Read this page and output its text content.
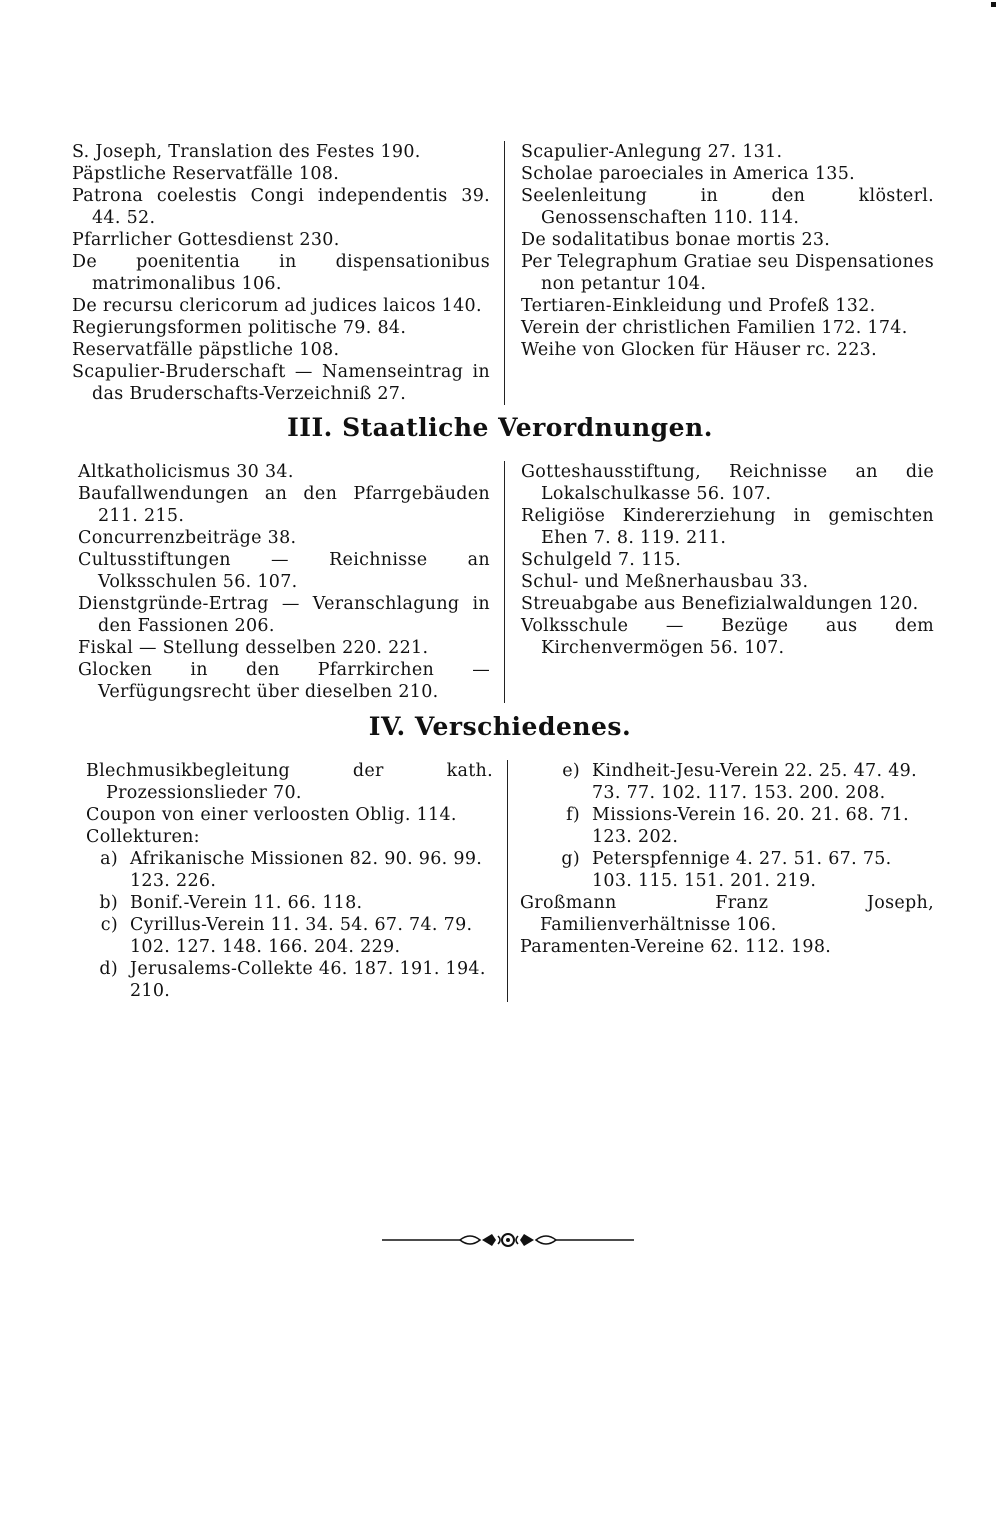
S. Joseph, Translation des Festes 190.

Päpstliche Reservatfälle 108.

Patrona coelestis Congi independentis 39. 44. 52.

Pfarrlicher Gottesdienst 230.

De poenitentia in dispensationibus matrimonalibus 106.

De recursu clericorum ad judices laicos 140.

Regierungsformen politische 79. 84.

Reservatfälle päpstliche 108.

Scapulier-Bruderschaft — Namenseintrag in das Bruderschafts-Verzeichniß 27.

Scapulier-Anlegung 27. 131.

Scholae paroeciales in America 135.

Seelenleitung in den klösterl. Genossenschaften 110. 114.

De sodalitatibus bonae mortis 23.

Per Telegraphum Gratiae seu Dispensationes non petantur 104.

Tertiaren-Einkleidung und Profeß 132.

Verein der christlichen Familien 172. 174.

Weihe von Glocken für Häuser rc. 223.

III. Staatliche Verordnungen.

Altkatholicismus 30 34.

Baufallwendungen an den Pfarrgebäuden 211. 215.

Concurrenzbeiträge 38.

Cultusstiftungen — Reichnisse an Volksschulen 56. 107.

Dienstgründe-Ertrag — Veranschlagung in den Fassionen 206.

Fiskal — Stellung desselben 220. 221.

Glocken in den Pfarrkirchen — Verfügungsrecht über dieselben 210.

Gotteshausstiftung, Reichnisse an die Lokalschulkasse 56. 107.

Religiöse Kindererziehung in gemischten Ehen 7. 8. 119. 211.

Schulgeld 7. 115.

Schul- und Meßnerhausbau 33.

Streuabgabe aus Benefizialwaldungen 120.

Volksschule — Bezüge aus dem Kirchenvermögen 56. 107.

IV. Verschiedenes.

Blechmusikbegleitung der kath. Prozessionslieder 70.

Coupon von einer verloosten Oblig. 114.

Collekturen:

a) Afrikanische Missionen 82. 90. 96. 99. 123. 226.
b) Bonif.-Verein 11. 66. 118.
c) Cyrillus-Verein 11. 34. 54. 67. 74. 79. 102. 127. 148. 166. 204. 229.
d) Jerusalems-Collekte 46. 187. 191. 194. 210.
e) Kindheit-Jesu-Verein 22. 25. 47. 49. 73. 77. 102. 117. 153. 200. 208.
f) Missions-Verein 16. 20. 21. 68. 71. 123. 202.
g) Peterspfennige 4. 27. 51. 67. 75. 103. 115. 151. 201. 219.

Großmann Franz Joseph, Familienverhältnisse 106.

Paramenten-Vereine 62. 112. 198.
